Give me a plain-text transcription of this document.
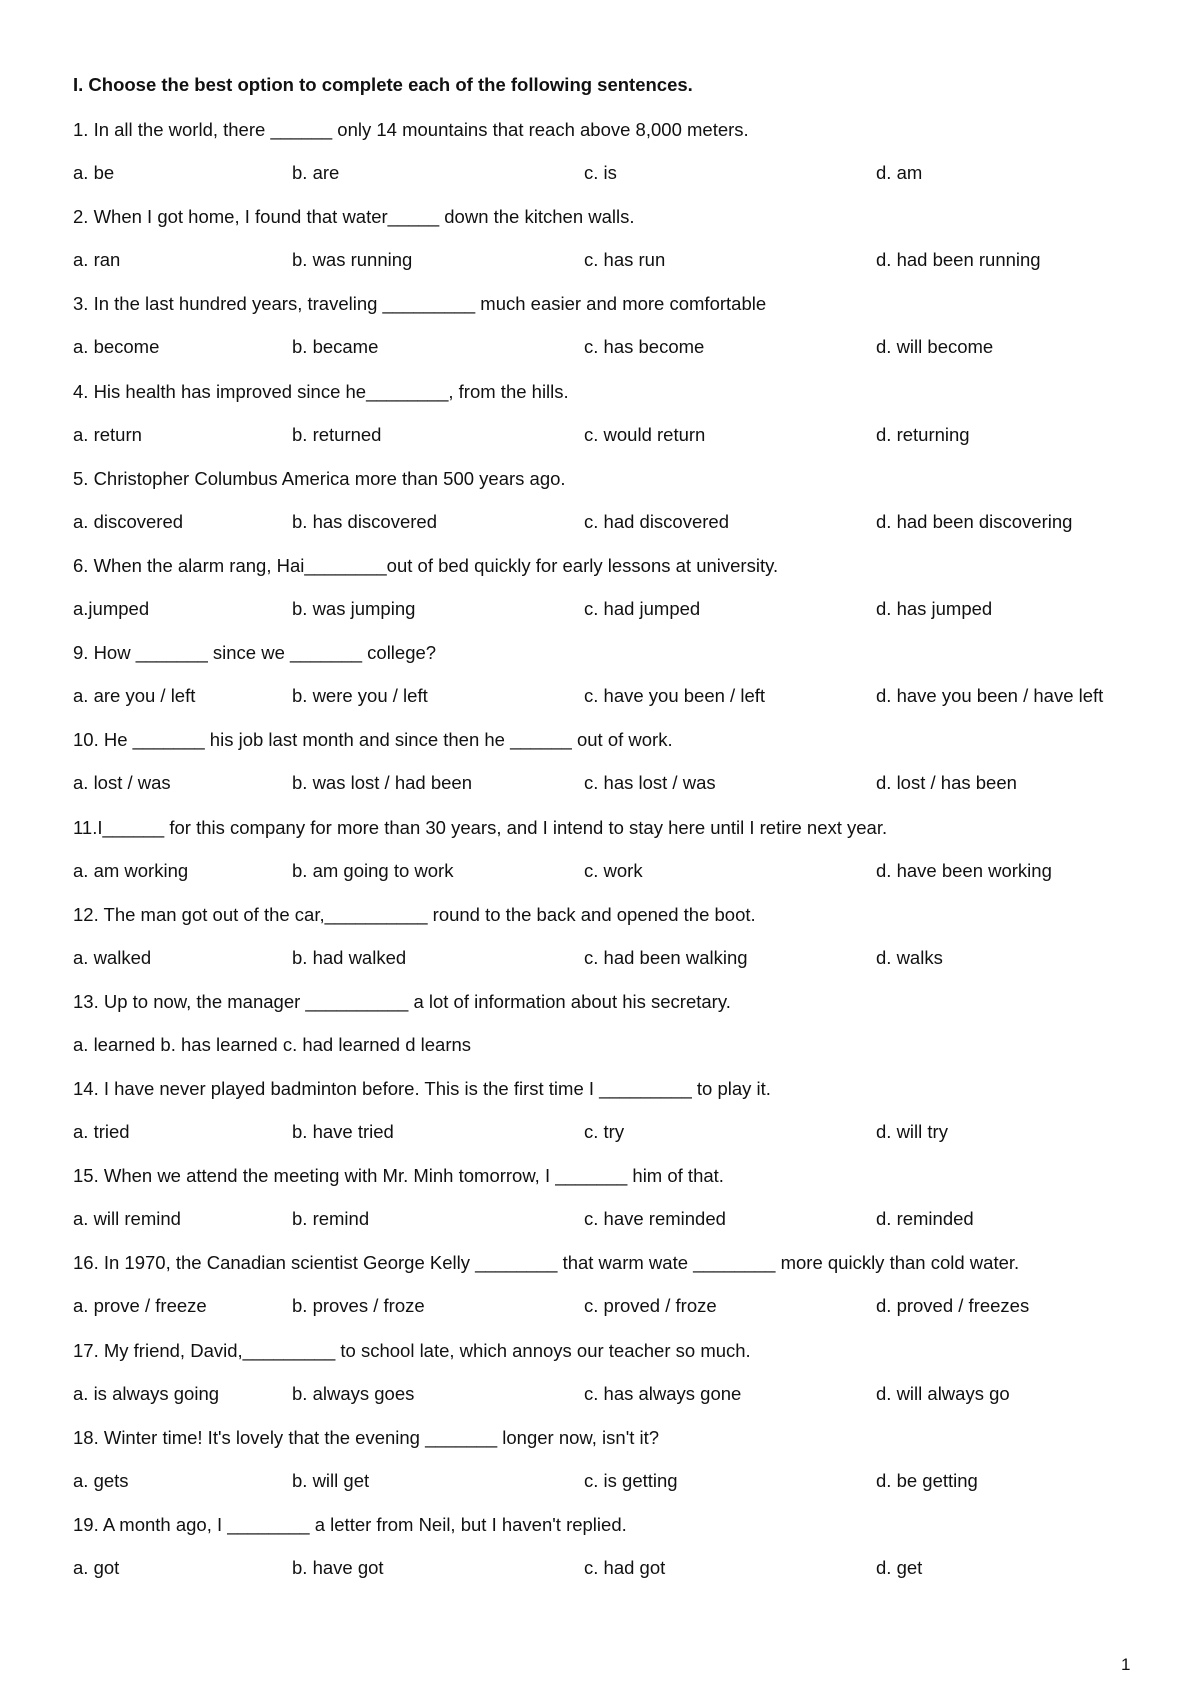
I. Choose the best option to complete each of the following sentences.
1. In all the world, there ______ only 14 mountains that reach above 8,000 meters.
a. be	b. are	c. is	d. am
2. When I got home, I found that water_____ down the kitchen walls.
a. ran	b. was running	c. has run	d. had been running
3. In the last hundred years, traveling _________ much easier and more comfortable
a. become	b. became	c. has become	d. will become
4. His health has improved since he________, from the hills.
a. return	b. returned	c. would return	d. returning
5. Christopher Columbus America more than 500 years ago.
a. discovered	b. has discovered	c. had discovered	d. had been discovering
6. When the alarm rang, Hai________out of bed quickly for early lessons at university.
a.jumped	b. was jumping	c. had jumped	d. has jumped
9. How _______ since we _______ college?
a. are you / left	b. were you / left	c. have you been / left	d. have you been / have left
10. He _______ his job last month and since then he ______ out of work.
a. lost / was	b. was lost / had been	c. has lost / was	d. lost / has been
11.I______ for this company for more than 30 years, and I intend to stay here until I retire next year.
a. am working	b. am going to work	c. work	d. have been working
12. The man got out of the car,__________ round to the back and opened the boot.
a. walked	b. had walked	c. had been walking	d. walks
13. Up to now, the manager __________ a lot of information about his secretary.
a. learned b. has learned c. had learned d learns
14. I have never played badminton before. This is the first time I _________ to play it.
a. tried	b. have tried	c. try	d. will try
15. When we attend the meeting with Mr. Minh tomorrow, I _______ him of that.
a. will remind	b. remind	c. have reminded	d. reminded
16. In 1970, the Canadian scientist George Kelly ________ that warm wate ________ more quickly than cold water.
a. prove / freeze	b. proves / froze	c. proved / froze	d. proved / freezes
17. My friend, David,_________ to school late, which annoys our teacher so much.
a. is always going	b. always goes	c. has always gone	d. will always go
18. Winter time! It's lovely that the evening _______ longer now, isn't it?
a. gets	b. will get	c. is getting	d. be getting
19. A month ago, I ________ a letter from Neil, but I haven't replied.
a. got	b. have got	c. had got	d. get
1
